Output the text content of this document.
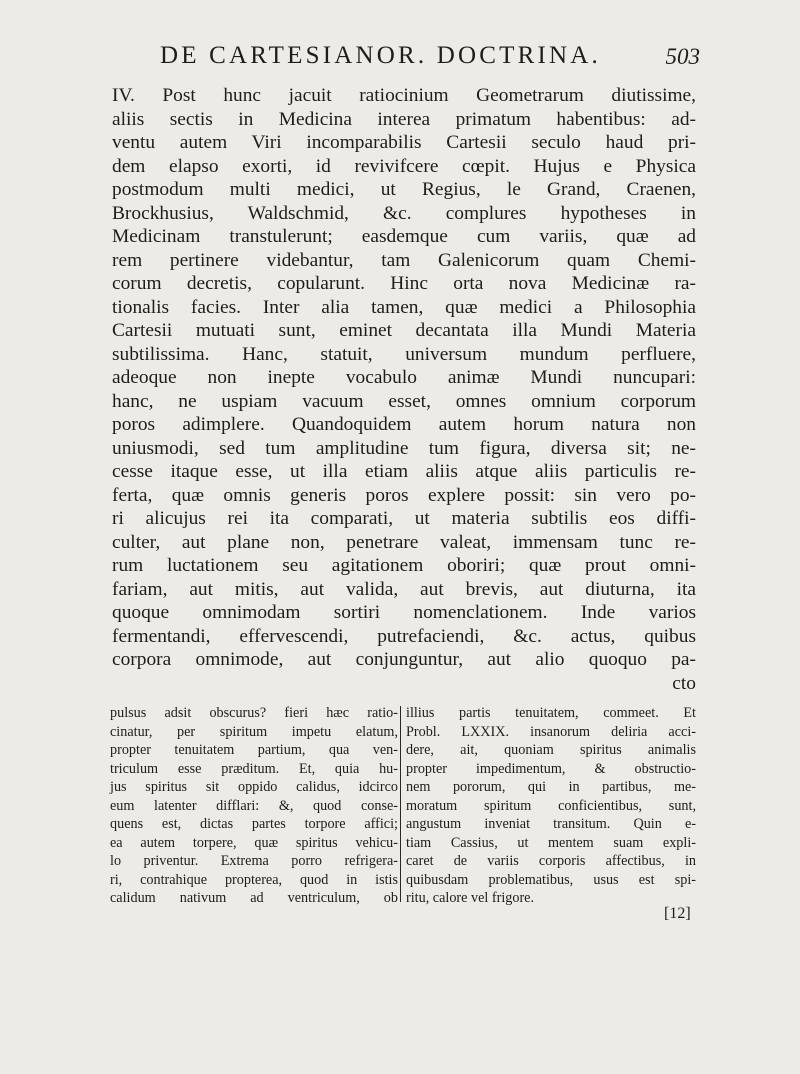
DE CARTESIANOR. DOCTRINA.	503
IV. Post hunc jacuit ratiocinium Geometrarum diutissime,
aliis sectis in Medicina interea primatum habentibus: ad-
ventu autem Viri incomparabilis Cartesii seculo haud pri-
dem elapso exorti, id revivifcere cœpit. Hujus e Physica
postmodum multi medici, ut Regius, le Grand, Craenen,
Brockhusius, Waldschmid, &c. complures hypotheses in
Medicinam transtulerunt; easdemque cum variis, quæ ad
rem pertinere videbantur, tam Galenicorum quam Chemi-
corum decretis, copularunt. Hinc orta nova Medicinæ ra-
tionalis facies. Inter alia tamen, quæ medici a Philosophia
Cartesii mutuati sunt, eminet decantata illa Mundi Materia
subtilissima. Hanc, statuit, universum mundum perfluere,
adeoque non inepte vocabulo animæ Mundi nuncupari:
hanc, ne uspiam vacuum esset, omnes omnium corporum
poros adimplere. Quandoquidem autem horum natura non
uniusmodi, sed tum amplitudine tum figura, diversa sit; ne-
cesse itaque esse, ut illa etiam aliis atque aliis particulis re-
ferta, quæ omnis generis poros explere possit: sin vero po-
ri alicujus rei ita comparati, ut materia subtilis eos diffi-
culter, aut plane non, penetrare valeat, immensam tunc re-
rum luctationem seu agitationem oboriri; quæ prout omni-
fariam, aut mitis, aut valida, aut brevis, aut diuturna, ita
quoque omnimodam sortiri nomenclationem. Inde varios
fermentandi, effervescendi, putrefaciendi, &c. actus, quibus
corpora omnimode, aut conjunguntur, aut alio quoquo pa-
cto
pulsus adsit obscurus? fieri hæc ratio-
cinatur, per spiritum impetu elatum,
propter tenuitatem partium, qua ven-
triculum esse præditum. Et, quia hu-
jus spiritus sit oppido calidus, idcirco
eum latenter difflari: &, quod conse-
quens est, dictas partes torpore affici;
ea autem torpere, quæ spiritus vehicu-
lo priventur. Extrema porro refrigera-
ri, contrahique propterea, quod in istis
calidum nativum ad ventriculum, ob
illius partis tenuitatem, commeet. Et
Probl. LXXIX. insanorum deliria acci-
dere, ait, quoniam spiritus animalis
propter impedimentum, & obstructio-
nem pororum, qui in partibus, me-
moratum spiritum conficientibus, sunt,
angustum inveniat transitum. Quin e-
tiam Cassius, ut mentem suam expli-
caret de variis corporis affectibus, in
quibusdam problematibus, usus est spi-
ritu, calore vel frigore.
[12]
